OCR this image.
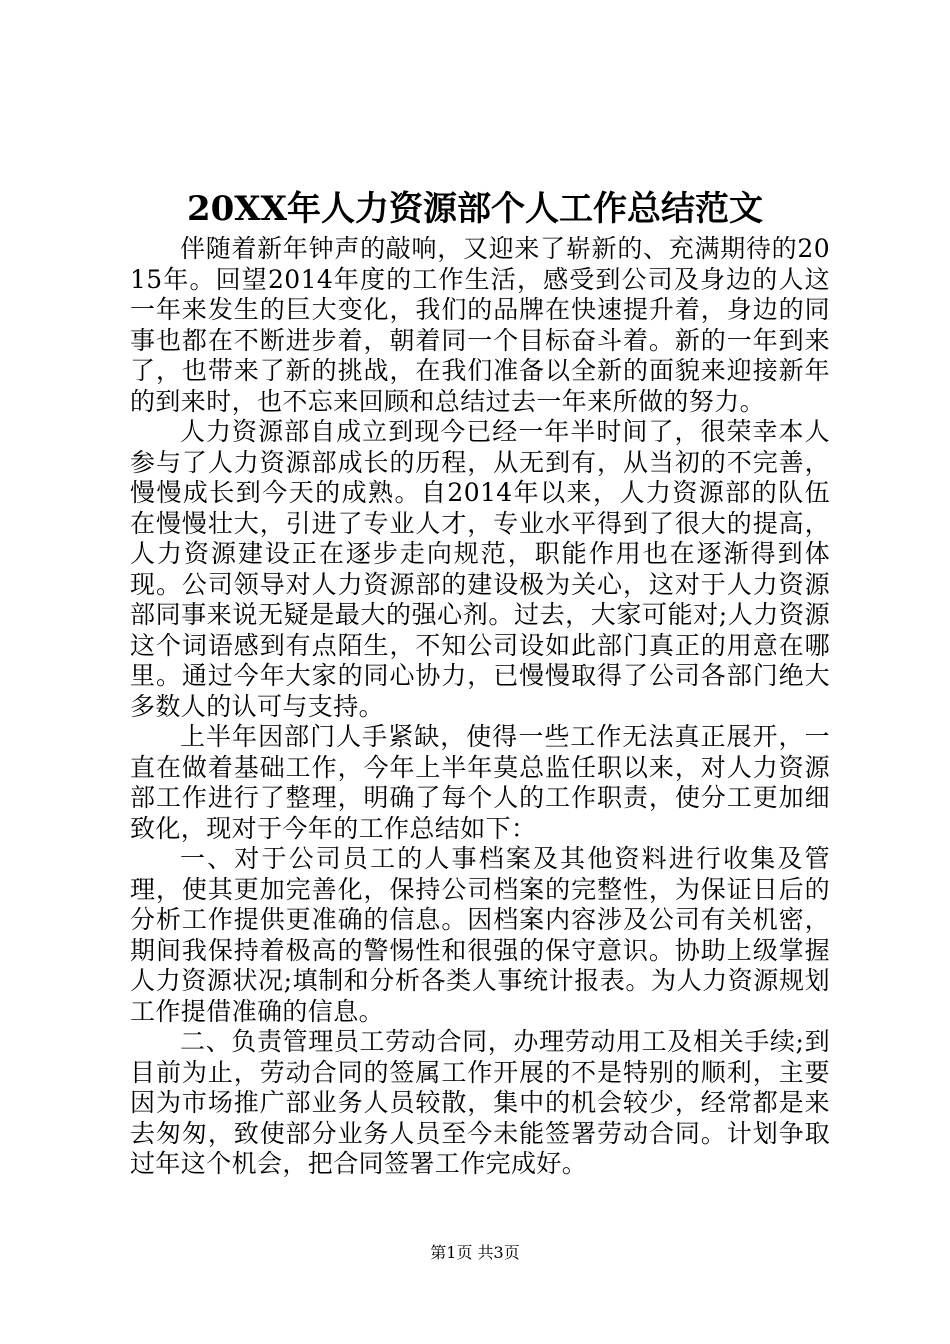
20XX年人力资源部个人工作总结范文

伴随着新年钟声的敲响，又迎来了崭新的、充满期待的2015年。回望2014年度的工作生活，感受到公司及身边的人这一年来发生的巨大变化，我们的品牌在快速提升着，身边的同事也都在不断进步着，朝着同一个目标奋斗着。新的一年到来了，也带来了新的挑战，在我们准备以全新的面貌来迎接新年的到来时，也不忘来回顾和总结过去一年来所做的努力。

人力资源部自成立到现今已经一年半时间了，很荣幸本人参与了人力资源部成长的历程，从无到有，从当初的不完善，慢慢成长到今天的成熟。自2014年以来，人力资源部的队伍在慢慢壮大，引进了专业人才，专业水平得到了很大的提高，人力资源建设正在逐步走向规范，职能作用也在逐渐得到体现。公司领导对人力资源部的建设极为关心，这对于人力资源部同事来说无疑是最大的强心剂。过去，大家可能对;人力资源这个词语感到有点陌生，不知公司设如此部门真正的用意在哪里。通过今年大家的同心协力，已慢慢取得了公司各部门绝大多数人的认可与支持。

上半年因部门人手紧缺，使得一些工作无法真正展开，一直在做着基础工作，今年上半年莫总监任职以来，对人力资源部工作进行了整理，明确了每个人的工作职责，使分工更加细致化，现对于今年的工作总结如下：

一、对于公司员工的人事档案及其他资料进行收集及管理，使其更加完善化，保持公司档案的完整性，为保证日后的分析工作提供更准确的信息。因档案内容涉及公司有关机密，期间我保持着极高的警惕性和很强的保守意识。协助上级掌握人力资源状况;填制和分析各类人事统计报表。为人力资源规划工作提借准确的信息。

二、负责管理员工劳动合同，办理劳动用工及相关手续;到目前为止，劳动合同的签属工作开展的不是特别的顺利，主要因为市场推广部业务人员较散，集中的机会较少，经常都是来去匆匆，致使部分业务人员至今未能签署劳动合同。计划争取过年这个机会，把合同签署工作完成好。

第1页 共3页
